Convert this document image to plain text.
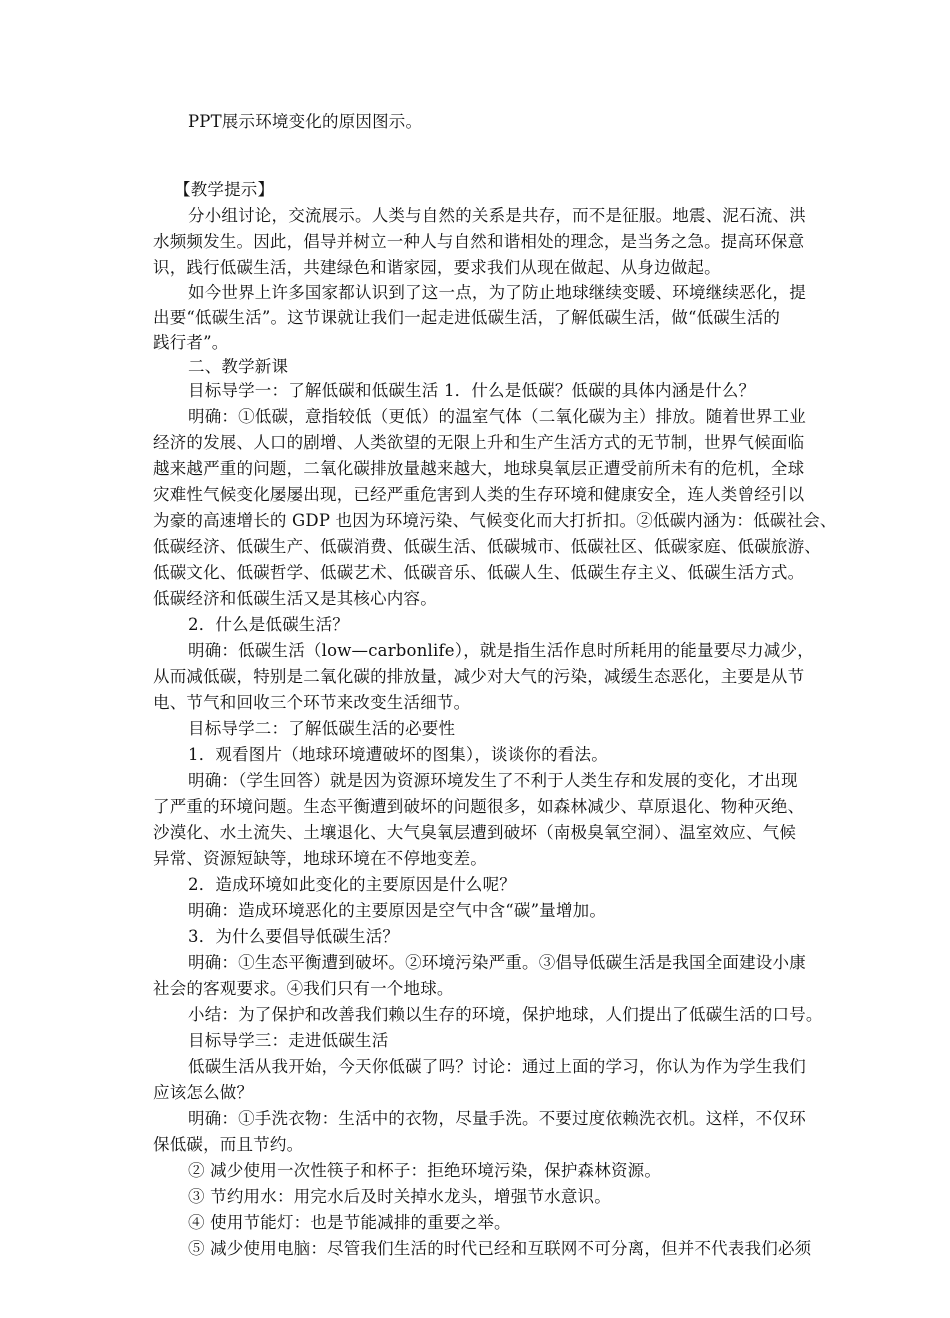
PPT展示环境变化的原因图示。
【教学提示】
分小组讨论，交流展示。人类与自然的关系是共存，而不是征服。地震、泥石流、洪
水频频发生。因此，倡导并树立一种人与自然和谐相处的理念，是当务之急。提高环保意
识，践行低碳生活，共建绿色和谐家园，要求我们从现在做起、从身边做起。
如今世界上许多国家都认识到了这一点，为了防止地球继续变暖、环境继续恶化，提
出要“低碳生活”。这节课就让我们一起走进低碳生活，了解低碳生活，做“低碳生活的
践行者”。
二、教学新课
目标导学一：了解低碳和低碳生活 1．什么是低碳？低碳的具体内涵是什么？
明确：①低碳，意指较低（更低）的温室气体（二氧化碳为主）排放。随着世界工业
经济的发展、人口的剧增、人类欲望的无限上升和生产生活方式的无节制，世界气候面临
越来越严重的问题，二氧化碳排放量越来越大，地球臭氧层正遭受前所未有的危机，全球
灾难性气候变化屡屡出现，已经严重危害到人类的生存环境和健康安全，连人类曾经引以
为豪的高速增长的 GDP 也因为环境污染、气候变化而大打折扣。②低碳内涵为：低碳社会、
低碳经济、低碳生产、低碳消费、低碳生活、低碳城市、低碳社区、低碳家庭、低碳旅游、
低碳文化、低碳哲学、低碳艺术、低碳音乐、低碳人生、低碳生存主义、低碳生活方式。
低碳经济和低碳生活又是其核心内容。
2．什么是低碳生活？
明确：低碳生活（low—carbonlife），就是指生活作息时所耗用的能量要尽力减少，
从而减低碳，特别是二氧化碳的排放量，减少对大气的污染，减缓生态恶化，主要是从节
电、节气和回收三个环节来改变生活细节。
目标导学二：了解低碳生活的必要性
1．观看图片（地球环境遭破坏的图集），谈谈你的看法。
明确：（学生回答）就是因为资源环境发生了不利于人类生存和发展的变化，才出现
了严重的环境问题。生态平衡遭到破坏的问题很多，如森林减少、草原退化、物种灭绝、
沙漠化、水土流失、土壤退化、大气臭氧层遭到破坏（南极臭氧空洞）、温室效应、气候
异常、资源短缺等，地球环境在不停地变差。
2．造成环境如此变化的主要原因是什么呢？
明确：造成环境恶化的主要原因是空气中含“碳”量增加。
3．为什么要倡导低碳生活？
明确：①生态平衡遭到破坏。②环境污染严重。③倡导低碳生活是我国全面建设小康
社会的客观要求。④我们只有一个地球。
小结：为了保护和改善我们赖以生存的环境，保护地球，人们提出了低碳生活的口号。
目标导学三：走进低碳生活
低碳生活从我开始，今天你低碳了吗？讨论：通过上面的学习，你认为作为学生我们
应该怎么做？
明确：①手洗衣物：生活中的衣物，尽量手洗。不要过度依赖洗衣机。这样，不仅环
保低碳，而且节约。
② 减少使用一次性筷子和杯子：拒绝环境污染，保护森林资源。
③ 节约用水：用完水后及时关掉水龙头，增强节水意识。
④ 使用节能灯：也是节能减排的重要之举。
⑤ 减少使用电脑：尽管我们生活的时代已经和互联网不可分离，但并不代表我们必须
